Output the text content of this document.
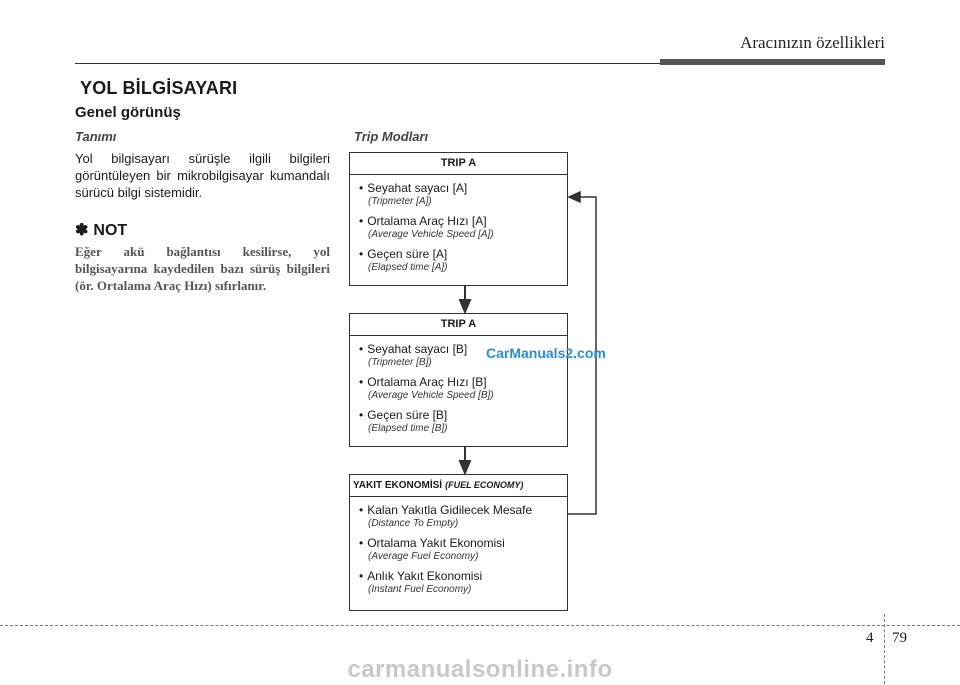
Aracınızın özellikleri
YOL BİLGİSAYARI
Genel görünüş
Tanımı
Yol bilgisayarı sürüşle ilgili bilgileri görüntüleyen bir mikrobilgisayar kumandalı sürücü bilgi sistemidir.
✽ NOT
Eğer akü bağlantısı kesilirse, yol bilgisayarına kaydedilen bazı sürüş bilgileri (ör. Ortalama Araç Hızı) sıfırlanır.
Trip Modları
TRIP A
• Seyahat sayacı [A]
(Tripmeter [A])
• Ortalama Araç Hızı [A]
(Average Vehicle Speed [A])
• Geçen süre [A]
(Elapsed time [A])
TRIP A
• Seyahat sayacı [B]
(Tripmeter [B])
• Ortalama Araç Hızı [B]
(Average Vehicle Speed [B])
• Geçen süre [B]
(Elapsed time [B])
YAKIT EKONOMİSİ (FUEL ECONOMY)
• Kalan Yakıtla Gidilecek Mesafe
(Distance To Empty)
• Ortalama Yakıt Ekonomisi
(Average Fuel Economy)
• Anlık Yakıt Ekonomisi
(Instant Fuel Economy)
CarManuals2.com
4 79
carmanualsonline.info
